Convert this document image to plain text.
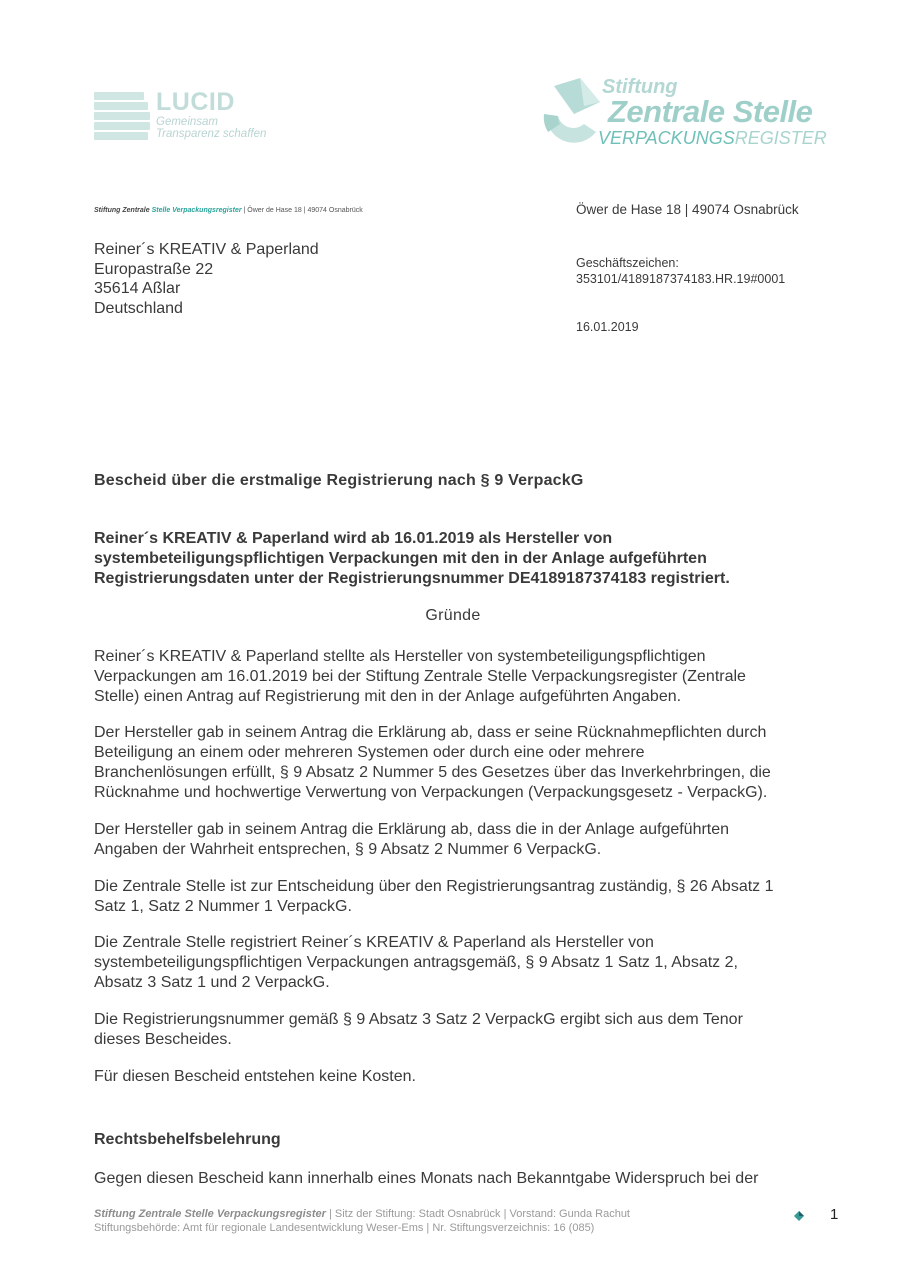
LUCID
Gemeinsam
Transparenz schaffen
Stiftung
Zentrale Stelle
VERPACKUNGSREGISTER
Stiftung Zentrale Stelle Verpackungsregister | Öwer de Hase 18 | 49074 Osnabrück
Reiner´s KREATIV & Paperland
Europastraße 22
35614 Aßlar
Deutschland
Öwer de Hase 18 | 49074 Osnabrück
Geschäftszeichen:
353101/4189187374183.HR.19#0001
16.01.2019
Bescheid über die erstmalige Registrierung nach § 9 VerpackG
Reiner´s KREATIV & Paperland wird ab 16.01.2019 als Hersteller von
systembeteiligungspflichtigen Verpackungen mit den in der Anlage aufgeführten
Registrierungsdaten unter der Registrierungsnummer DE4189187374183 registriert.
Gründe
Reiner´s KREATIV & Paperland stellte als Hersteller von systembeteiligungspflichtigen
Verpackungen am 16.01.2019 bei der Stiftung Zentrale Stelle Verpackungsregister (Zentrale
Stelle) einen Antrag auf Registrierung mit den in der Anlage aufgeführten Angaben.
Der Hersteller gab in seinem Antrag die Erklärung ab, dass er seine Rücknahmepflichten durch
Beteiligung an einem oder mehreren Systemen oder durch eine oder mehrere
Branchenlösungen erfüllt, § 9 Absatz 2 Nummer 5 des Gesetzes über das Inverkehrbringen, die
Rücknahme und hochwertige Verwertung von Verpackungen (Verpackungsgesetz - VerpackG).
Der Hersteller gab in seinem Antrag die Erklärung ab, dass die in der Anlage aufgeführten
Angaben der Wahrheit entsprechen, § 9 Absatz 2 Nummer 6 VerpackG.
Die Zentrale Stelle ist zur Entscheidung über den Registrierungsantrag zuständig, § 26 Absatz 1
Satz 1, Satz 2 Nummer 1 VerpackG.
Die Zentrale Stelle registriert Reiner´s KREATIV & Paperland als Hersteller von
systembeteiligungspflichtigen Verpackungen antragsgemäß, § 9 Absatz 1 Satz 1, Absatz 2,
Absatz 3 Satz 1 und 2 VerpackG.
Die Registrierungsnummer gemäß § 9 Absatz 3 Satz 2 VerpackG ergibt sich aus dem Tenor
dieses Bescheides.
Für diesen Bescheid entstehen keine Kosten.
Rechtsbehelfsbelehrung
Gegen diesen Bescheid kann innerhalb eines Monats nach Bekanntgabe Widerspruch bei der
Stiftung Zentrale Stelle Verpackungsregister | Sitz der Stiftung: Stadt Osnabrück | Vorstand: Gunda Rachut
Stiftungsbehörde: Amt für regionale Landesentwicklung Weser-Ems | Nr. Stiftungsverzeichnis: 16 (085)
1
